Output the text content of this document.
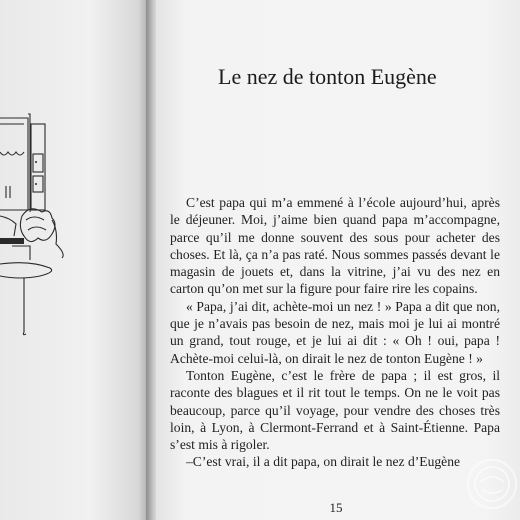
Le nez de tonton Eugène

C’est papa qui m’a emmené à l’école aujourd’hui, après le déjeuner. Moi, j’aime bien quand papa m’accompagne, parce qu’il me donne souvent des sous pour acheter des choses. Et là, ça n’a pas raté. Nous sommes passés devant le magasin de jouets et, dans la vitrine, j’ai vu des nez en carton qu’on met sur la figure pour faire rire les copains.

« Papa, j’ai dit, achète-moi un nez ! » Papa a dit que non, que je n’avais pas besoin de nez, mais moi je lui ai montré un grand, tout rouge, et je lui ai dit : « Oh ! oui, papa ! Achète-moi celui-là, on dirait le nez de tonton Eugène ! »

Tonton Eugène, c’est le frère de papa ; il est gros, il raconte des blagues et il rit tout le temps. On ne le voit pas beaucoup, parce qu’il voyage, pour vendre des choses très loin, à Lyon, à Clermont-Ferrand et à Saint-Étienne. Papa s’est mis à rigoler.

–C’est vrai, il a dit papa, on dirait le nez d’Eugène

15
